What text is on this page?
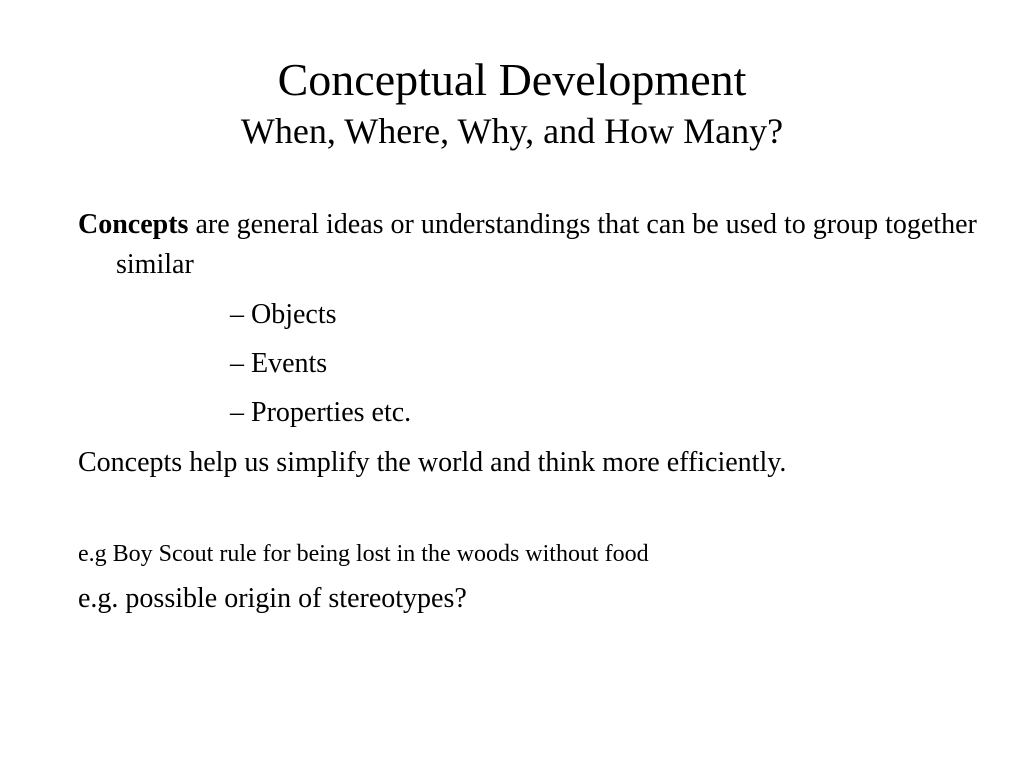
Conceptual Development
When, Where, Why, and How Many?
Concepts are general ideas or understandings that can be used to group together similar
– Objects
– Events
– Properties etc.
Concepts help us simplify the world and think more efficiently.
e.g Boy Scout rule for being lost in the woods without food
e.g. possible origin of stereotypes?
